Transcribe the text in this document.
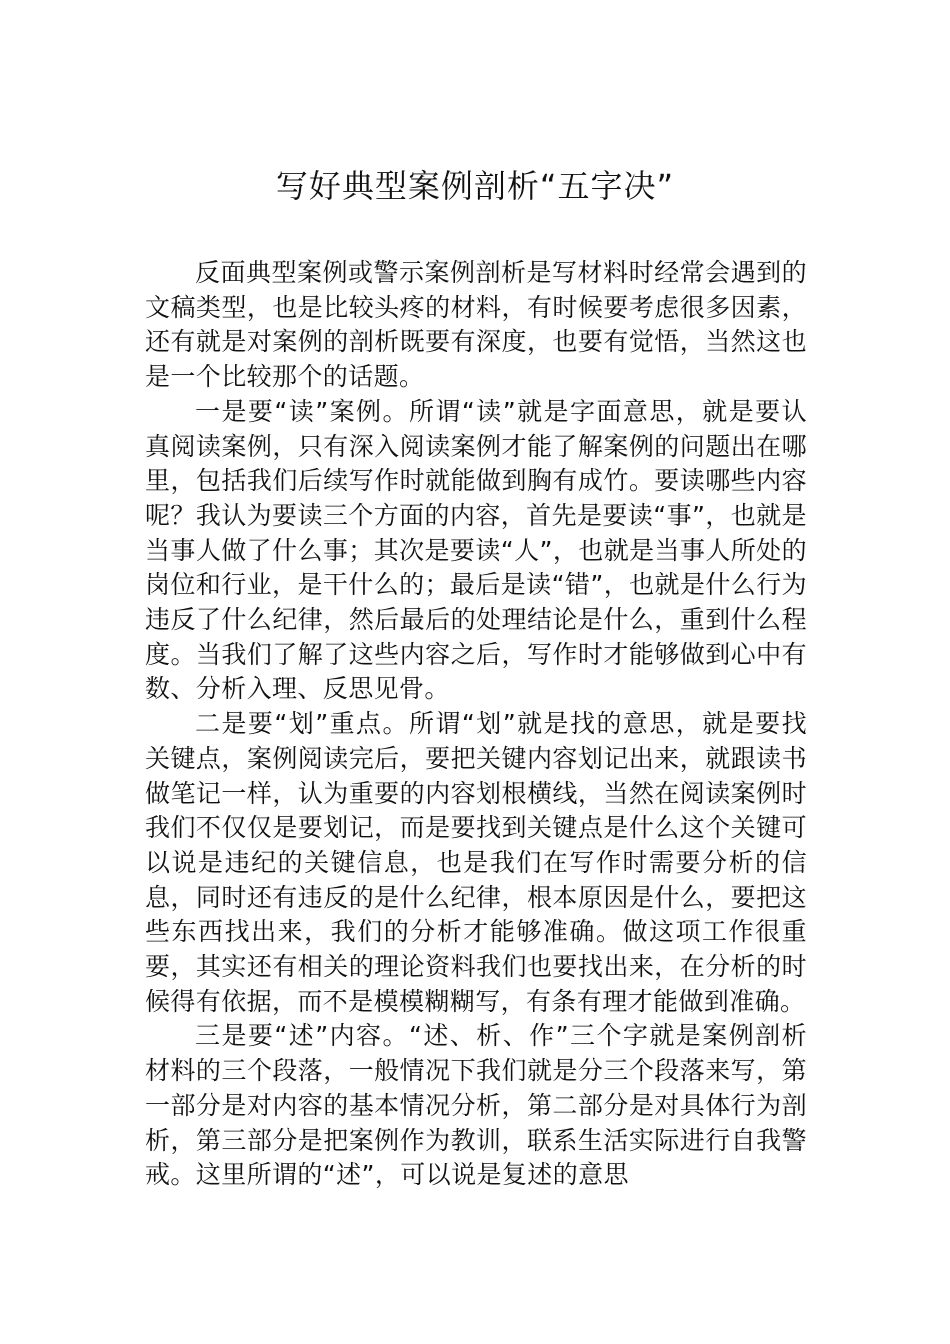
写好典型案例剖析“五字决”

反面典型案例或警示案例剖析是写材料时经常会遇到的文稿类型，也是比较头疼的材料，有时候要考虑很多因素，还有就是对案例的剖析既要有深度，也要有觉悟，当然这也是一个比较那个的话题。

一是要“读”案例。所谓“读”就是字面意思，就是要认真阅读案例，只有深入阅读案例才能了解案例的问题出在哪里，包括我们后续写作时就能做到胸有成竹。要读哪些内容呢？我认为要读三个方面的内容，首先是要读“事”，也就是当事人做了什么事；其次是要读“人”，也就是当事人所处的岗位和行业，是干什么的；最后是读“错”，也就是什么行为违反了什么纪律，然后最后的处理结论是什么，重到什么程度。当我们了解了这些内容之后，写作时才能够做到心中有数、分析入理、反思见骨。

二是要“划”重点。所谓“划”就是找的意思，就是要找关键点，案例阅读完后，要把关键内容划记出来，就跟读书做笔记一样，认为重要的内容划根横线，当然在阅读案例时我们不仅仅是要划记，而是要找到关键点是什么这个关键可以说是违纪的关键信息，也是我们在写作时需要分析的信息，同时还有违反的是什么纪律，根本原因是什么，要把这些东西找出来，我们的分析才能够准确。做这项工作很重要，其实还有相关的理论资料我们也要找出来，在分析的时候得有依据，而不是模模糊糊写，有条有理才能做到准确。

三是要“述”内容。“述、析、作”三个字就是案例剖析材料的三个段落，一般情况下我们就是分三个段落来写，第一部分是对内容的基本情况分析，第二部分是对具体行为剖析，第三部分是把案例作为教训，联系生活实际进行自我警戒。这里所谓的“述”，可以说是复述的意思
